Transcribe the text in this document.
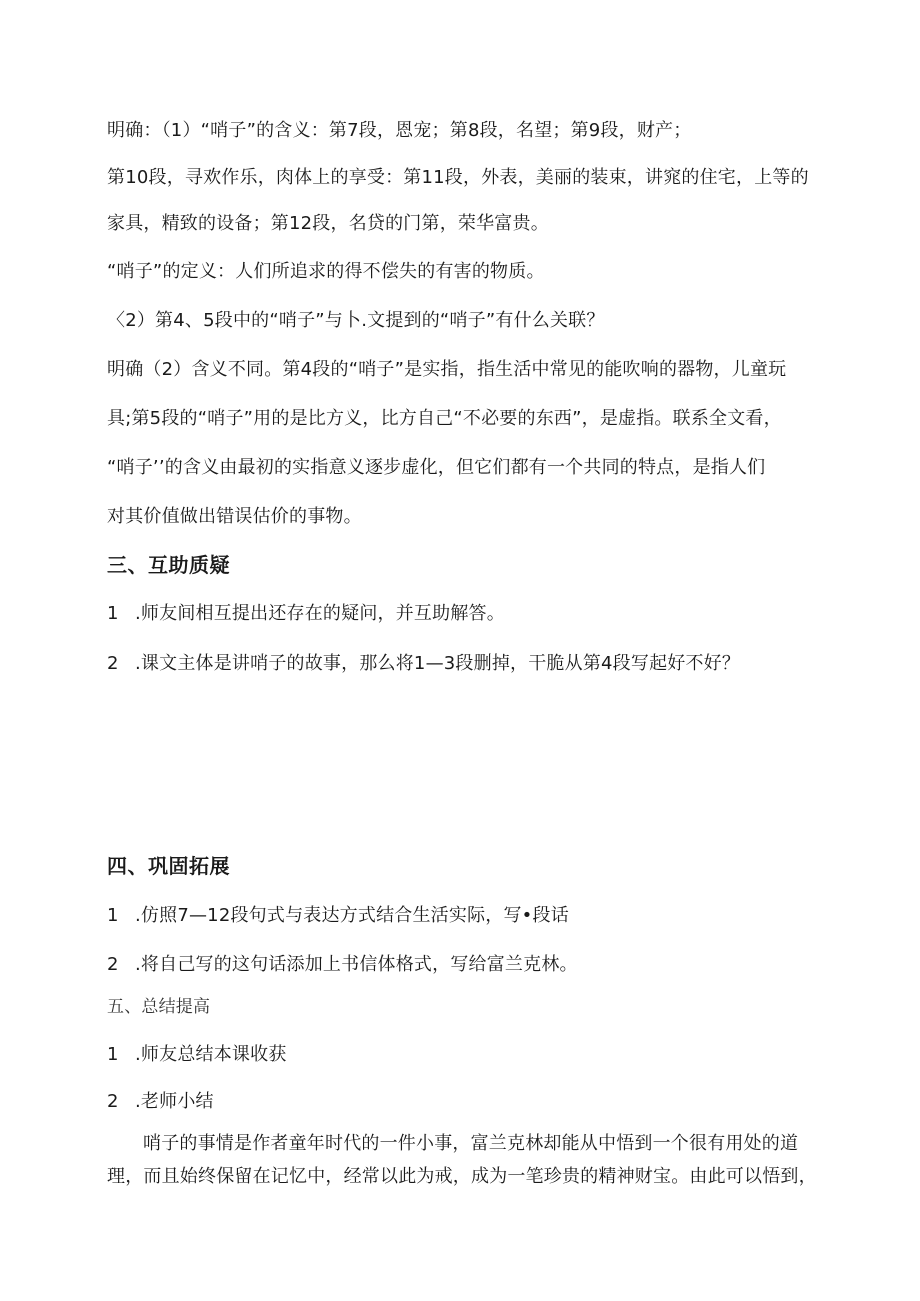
明确：（1）“哨子”的含义：第7段，恩宠；第8段，名望；第9段，财产；
第10段，寻欢作乐，肉体上的享受：第11段，外表，美丽的装束，讲窕的住宅，上等的
家具，精致的设备；第12段，名贷的门第，荣华富贵。
“哨子”的定义：人们所追求的得不偿失的有害的物质。
〈2）第4、5段中的“哨子”与卜.文提到的“哨子”有什么关联？
明确（2）含义不同。第4段的“哨子”是实指，指生活中常见的能吹响的器物，儿童玩
具;第5段的“哨子”用的是比方义，比方自己“不必要的东西”，是虚指。联系全文看，
“哨子’’的含义由最初的实指意义逐步虚化，但它们都有一个共同的特点，是指人们
对其价值做出错误估价的事物。
三、互助质疑
1 .师友间相互提出还存在的疑问，并互助解答。
2 .课文主体是讲哨子的故事，那么将1—3段删掉，干脆从第4段写起好不好？
四、巩固拓展
1 .仿照7—12段句式与表达方式结合生活实际，写•段话
2 .将自己写的这句话添加上书信体格式，写给富兰克林。
五、总结提高
1 .师友总结本课收获
2 .老师小结
哨子的事情是作者童年时代的一件小事，富兰克林却能从中悟到一个很有用处的道
理，而且始终保留在记忆中，经常以此为戒，成为一笔珍贵的精神财宝。由此可以悟到，
